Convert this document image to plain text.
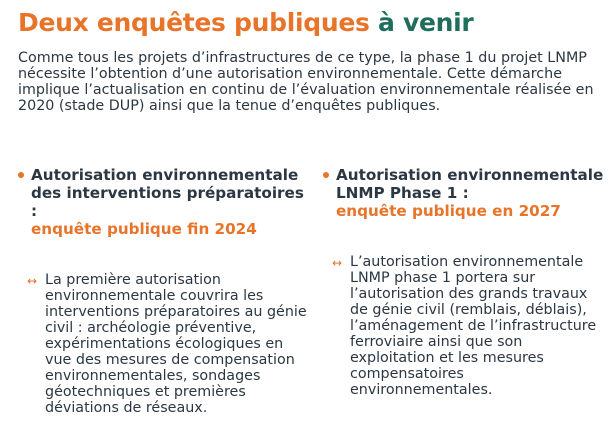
Deux enquêtes publiques à venir

Comme tous les projets d’infrastructures de ce type, la phase 1 du projet LNMP nécessite l’obtention d’une autorisation environnementale. Cette démarche implique l’actualisation en continu de l’évaluation environnementale réalisée en 2020 (stade DUP) ainsi que la tenue d’enquêtes publiques.

Autorisation environnementale des interventions préparatoires :
enquête publique fin 2024
↔ La première autorisation environnementale couvrira les interventions préparatoires au génie civil : archéologie préventive, expérimentations écologiques en vue des mesures de compensation environnementales, sondages géotechniques et premières déviations de réseaux.
Autorisation environnementale LNMP Phase 1 :
enquête publique en 2027
↔ L’autorisation environnementale LNMP phase 1 portera sur l’autorisation des grands travaux de génie civil (remblais, déblais), l’aménagement de l’infrastructure ferroviaire ainsi que son exploitation et les mesures compensatoires environnementales.
